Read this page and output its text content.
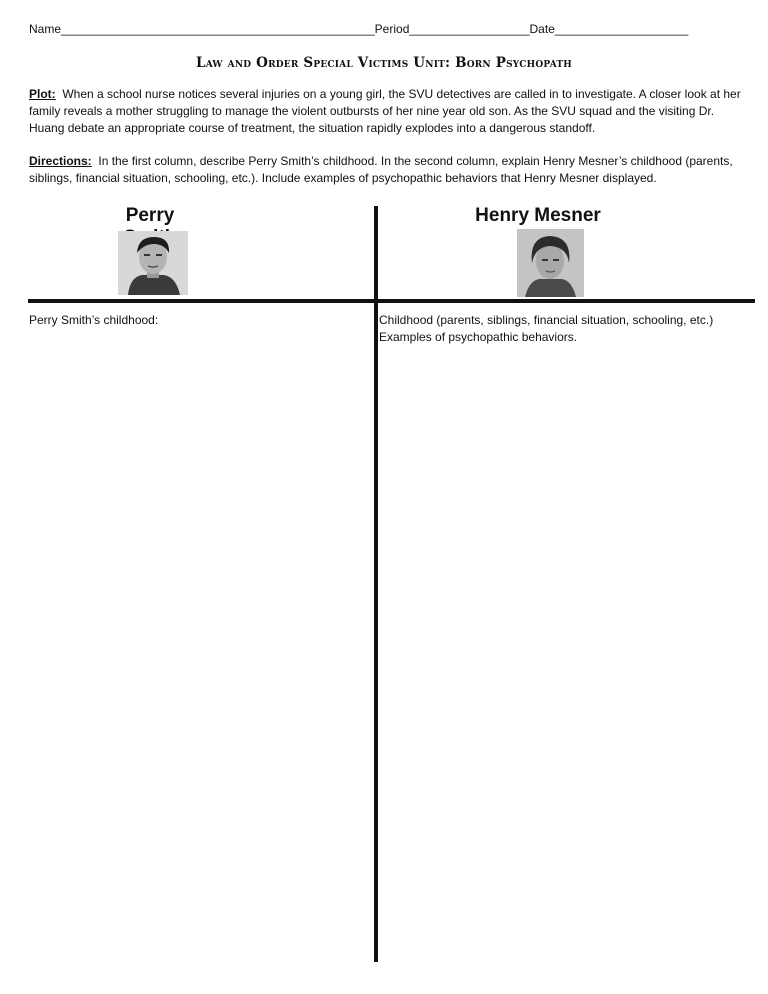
Name_______________________________________________Period__________________Date____________________
Law and Order Special Victims Unit: Born Psychopath
Plot: When a school nurse notices several injuries on a young girl, the SVU detectives are called in to investigate. A closer look at her family reveals a mother struggling to manage the violent outbursts of her nine year old son. As the SVU squad and the visiting Dr. Huang debate an appropriate course of treatment, the situation rapidly explodes into a dangerous standoff.
Directions: In the first column, describe Perry Smith’s childhood. In the second column, explain Henry Mesner’s childhood (parents, siblings, financial situation, schooling, etc.). Include examples of psychopathic behaviors that Henry Mesner displayed.
Perry	Henry Mesner
Perry Smith’s childhood:	Childhood (parents, siblings, financial situation, schooling, etc.)
Examples of psychopathic behaviors.
